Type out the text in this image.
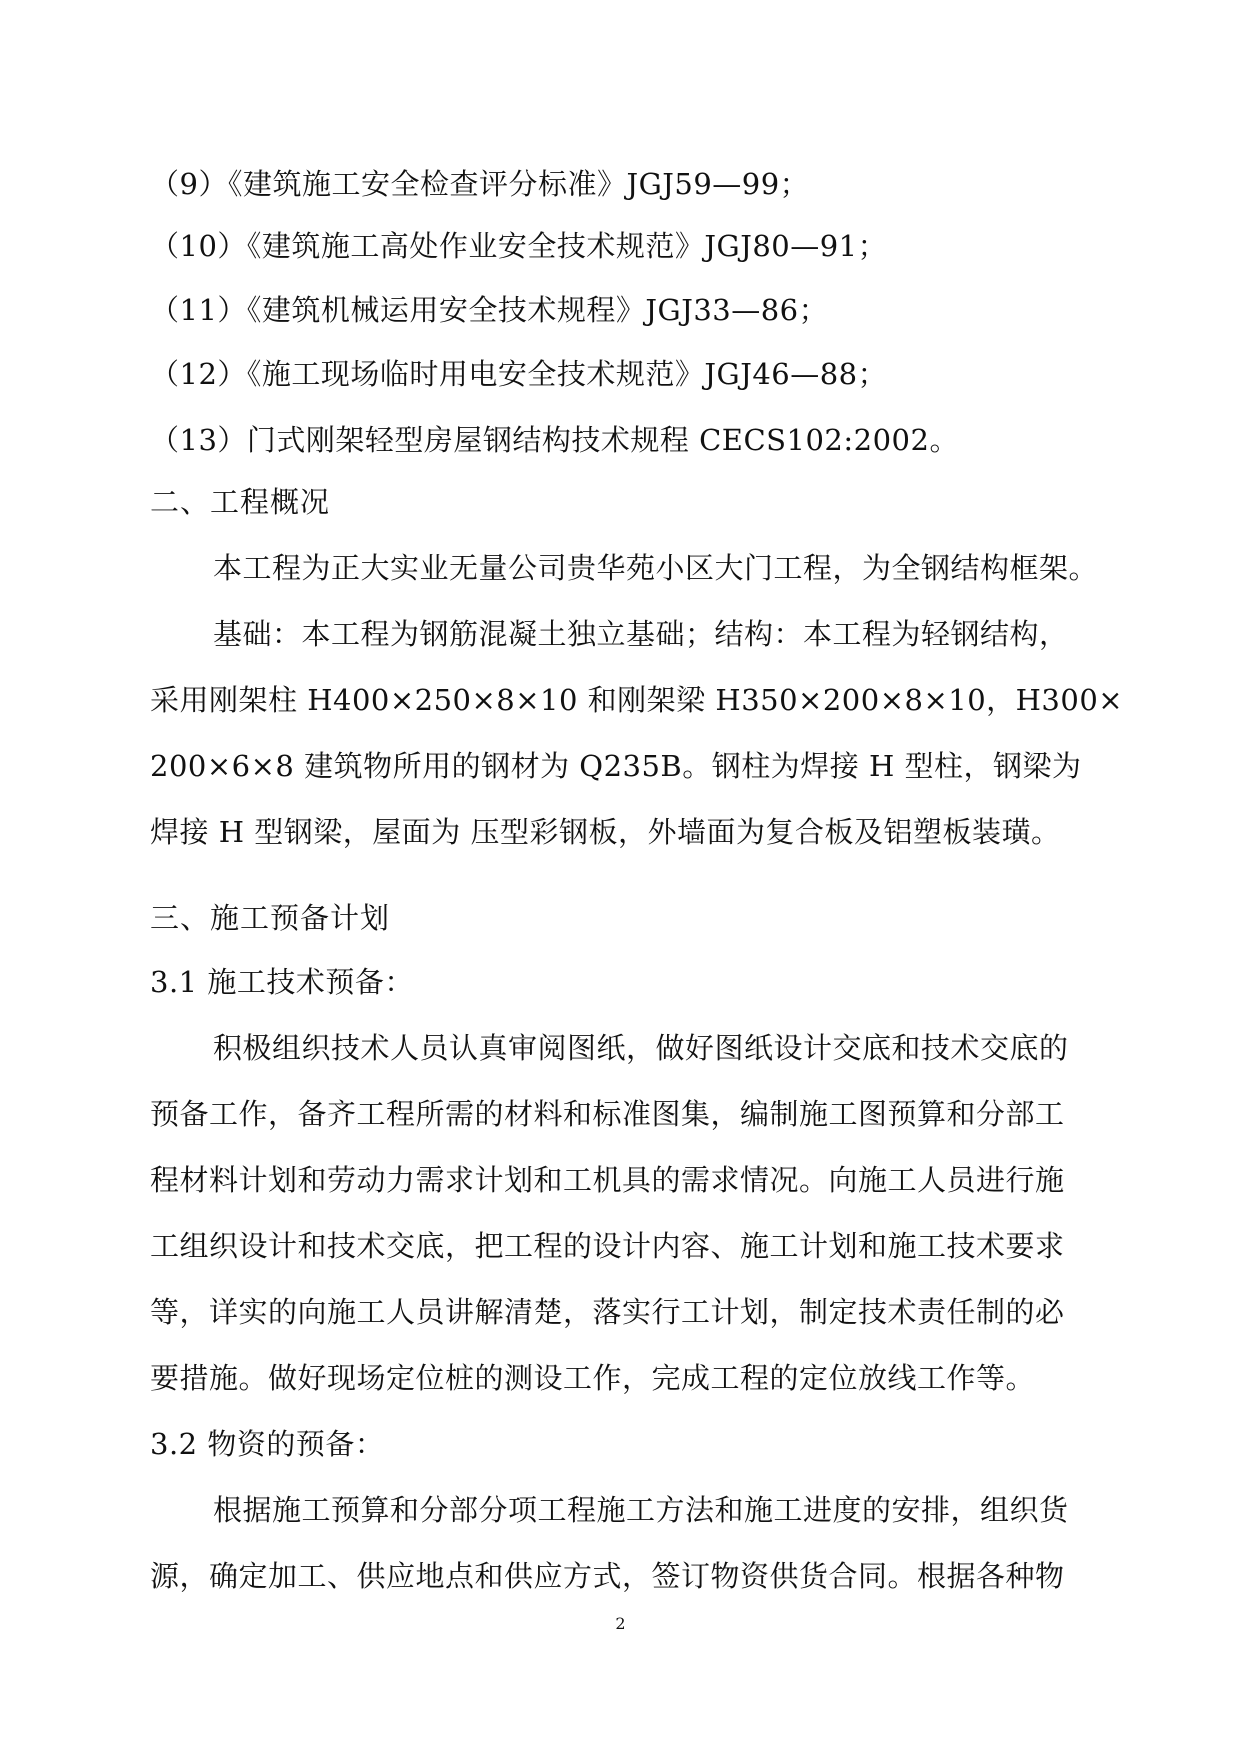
（9）《建筑施工安全检查评分标准》JGJ59—99；
（10）《建筑施工高处作业安全技术规范》JGJ80—91；
（11）《建筑机械运用安全技术规程》JGJ33—86；
（12）《施工现场临时用电安全技术规范》JGJ46—88；
（13）门式刚架轻型房屋钢结构技术规程 CECS102:2002。
二、工程概况
本工程为正大实业无量公司贵华苑小区大门工程，为全钢结构框架。
基础：本工程为钢筋混凝土独立基础；结构：本工程为轻钢结构，
采用刚架柱 H400×250×8×10 和刚架梁 H350×200×8×10，H300×
200×6×8 建筑物所用的钢材为 Q235B。钢柱为焊接 H 型柱，钢梁为
焊接 H 型钢梁，屋面为 压型彩钢板，外墙面为复合板及铝塑板装璜。
三、施工预备计划
3.1 施工技术预备：
积极组织技术人员认真审阅图纸，做好图纸设计交底和技术交底的
预备工作，备齐工程所需的材料和标准图集，编制施工图预算和分部工
程材料计划和劳动力需求计划和工机具的需求情况。向施工人员进行施
工组织设计和技术交底，把工程的设计内容、施工计划和施工技术要求
等，详实的向施工人员讲解清楚，落实行工计划，制定技术责任制的必
要措施。做好现场定位桩的测设工作，完成工程的定位放线工作等。
3.2 物资的预备：
根据施工预算和分部分项工程施工方法和施工进度的安排，组织货
源，确定加工、供应地点和供应方式，签订物资供货合同。根据各种物
2
